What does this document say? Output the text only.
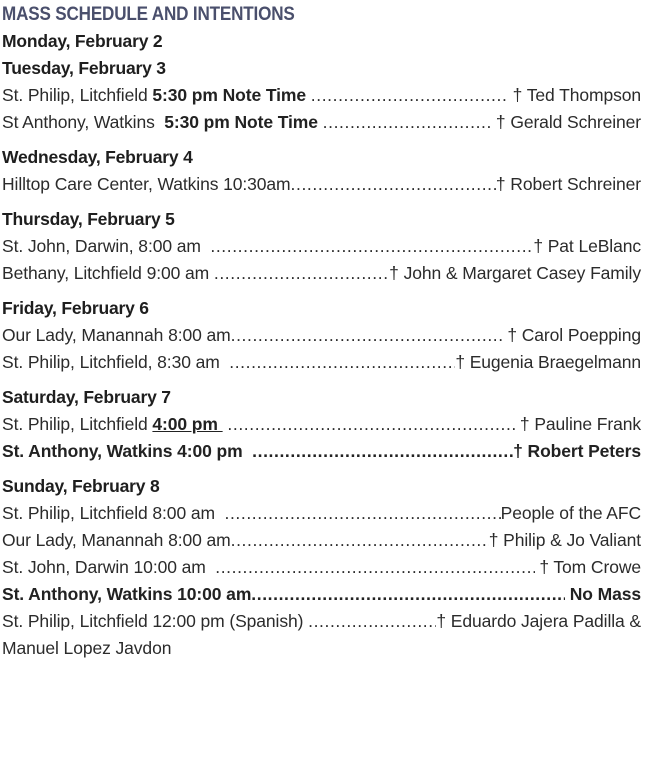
MASS SCHEDULE AND INTENTIONS
Monday, February 2
Tuesday, February 3
St. Philip, Litchfield 5:30 pm Note Time .....	† Ted Thompson
St Anthony, Watkins  5:30 pm Note Time .....	† Gerald Schreiner
Wednesday, February 4
Hilltop Care Center, Watkins 10:30am .....	† Robert Schreiner
Thursday, February 5
St. John, Darwin, 8:00 am .....	† Pat LeBlanc
Bethany, Litchfield 9:00 am .....	† John & Margaret Casey Family
Friday, February 6
Our Lady, Manannah 8:00 am .....	† Carol Poepping
St. Philip, Litchfield, 8:30 am .....	† Eugenia Braegelmann
Saturday, February 7
St. Philip, Litchfield 4:00 pm .....	† Pauline Frank
St. Anthony, Watkins 4:00 pm .....	† Robert Peters
Sunday, February 8
St. Philip, Litchfield 8:00 am .....	People of the AFC
Our Lady, Manannah 8:00 am .....	† Philip & Jo Valiant
St. John, Darwin 10:00 am .....	† Tom Crowe
St. Anthony, Watkins 10:00 am .....	No Mass
St. Philip, Litchfield 12:00 pm (Spanish) .....	† Eduardo Jajera Padilla &
Manuel Lopez Javdon
